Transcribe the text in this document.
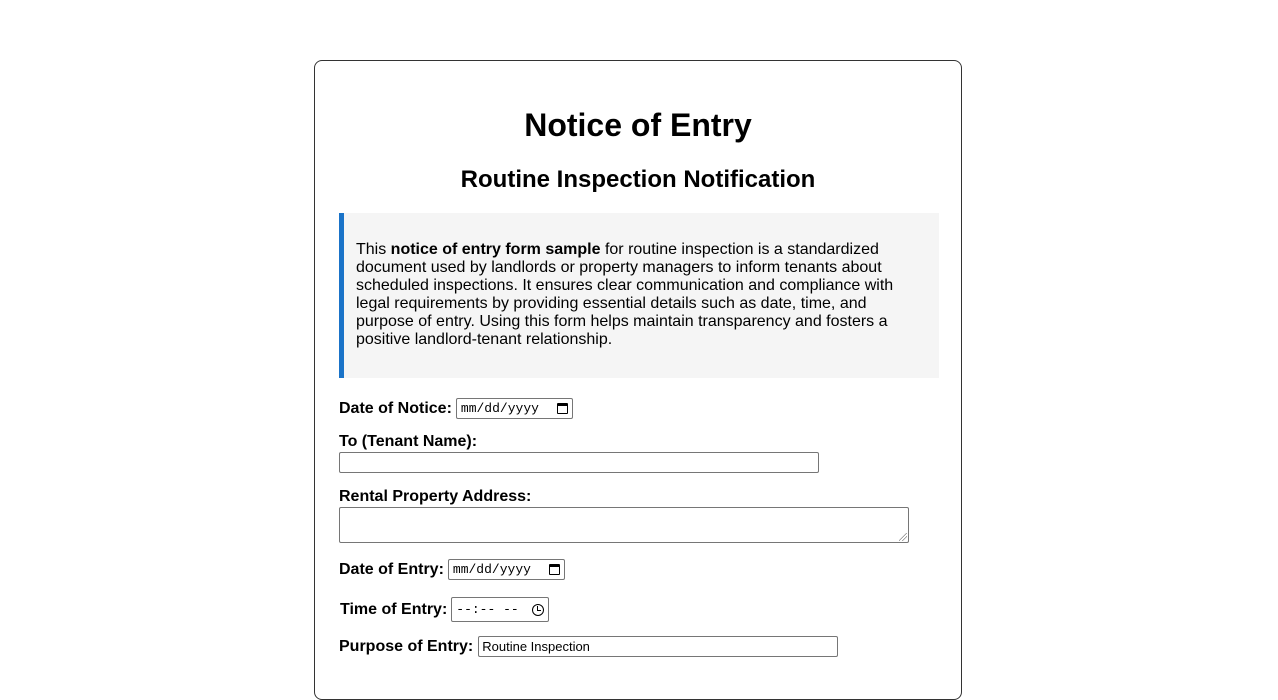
Notice of Entry
Routine Inspection Notification
This notice of entry form sample for routine inspection is a standardized document used by landlords or property managers to inform tenants about scheduled inspections. It ensures clear communication and compliance with legal requirements by providing essential details such as date, time, and purpose of entry. Using this form helps maintain transparency and fosters a positive landlord-tenant relationship.
Date of Notice: mm/dd/yyyy
To (Tenant Name):
Rental Property Address:
Date of Entry: mm/dd/yyyy
Time of Entry: --:-- --
Purpose of Entry:
Routine Inspection
